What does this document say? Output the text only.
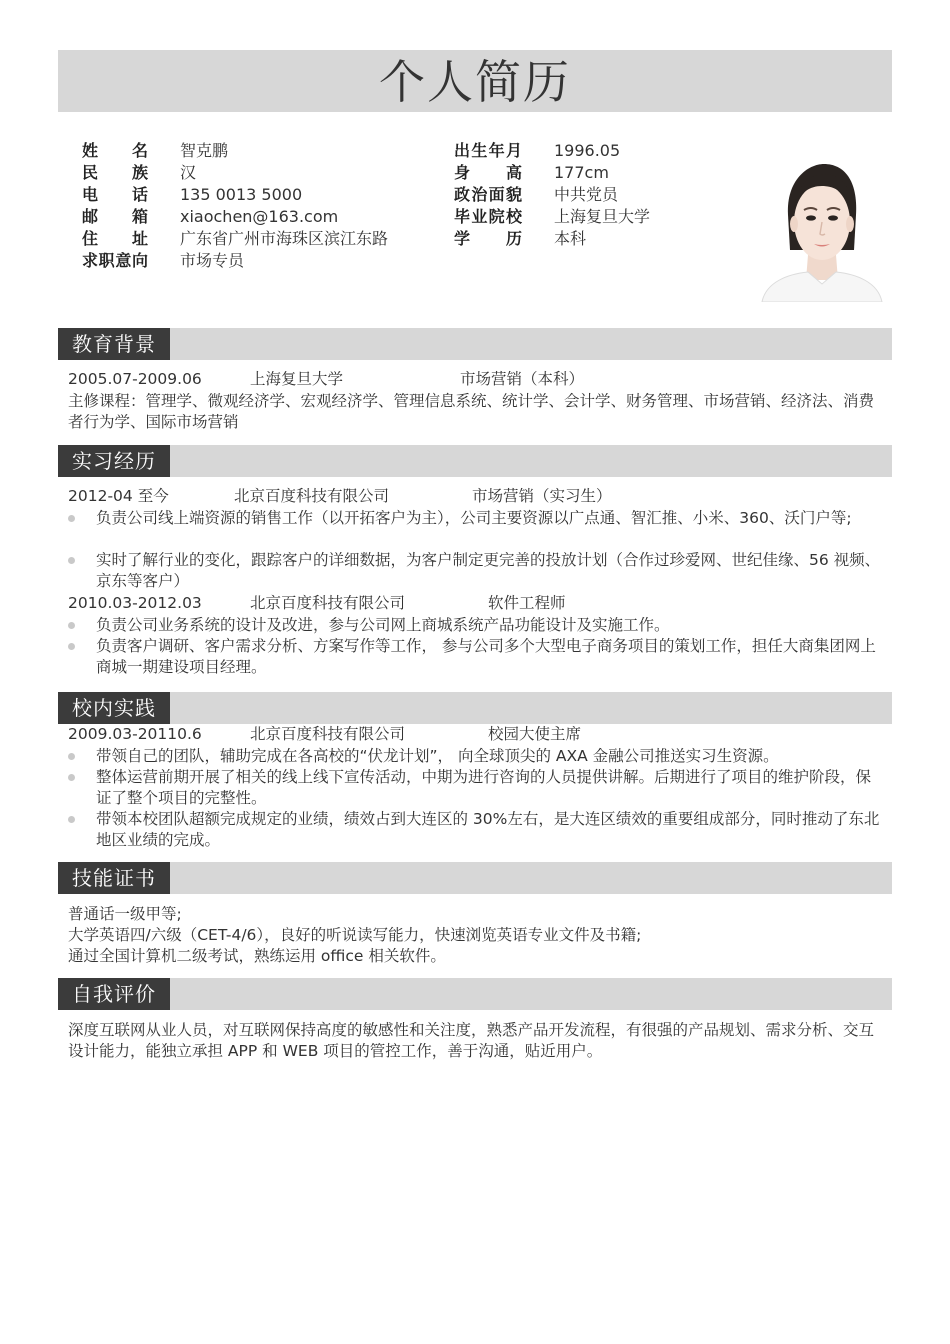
个人简历
姓名 智克鹏	出生年月 1996.05
民族 汉	身高 177cm
电话 135 0013 5000	政治面貌 中共党员
邮箱 xiaochen@163.com	毕业院校 上海复旦大学
住址 广东省广州市海珠区滨江东路	学历 本科
求职意向 市场专员
教育背景
2005.07-2009.06	上海复旦大学	市场营销（本科）
主修课程：管理学、微观经济学、宏观经济学、管理信息系统、统计学、会计学、财务管理、市场营销、经济法、消费者行为学、国际市场营销
实习经历
2012-04 至今	北京百度科技有限公司	市场营销（实习生）
负责公司线上端资源的销售工作（以开拓客户为主），公司主要资源以广点通、智汇推、小米、360、沃门户等;
实时了解行业的变化，跟踪客户的详细数据，为客户制定更完善的投放计划（合作过珍爱网、世纪佳缘、56 视频、京东等客户）
2010.03-2012.03	北京百度科技有限公司	软件工程师
负责公司业务系统的设计及改进，参与公司网上商城系统产品功能设计及实施工作。
负责客户调研、客户需求分析、方案写作等工作， 参与公司多个大型电子商务项目的策划工作，担任大商集团网上商城一期建设项目经理。
校内实践
2009.03-20110.6	北京百度科技有限公司	校园大使主席
带领自己的团队，辅助完成在各高校的“伏龙计划”， 向全球顶尖的 AXA 金融公司推送实习生资源。
整体运营前期开展了相关的线上线下宣传活动，中期为进行咨询的人员提供讲解。后期进行了项目的维护阶段，保证了整个项目的完整性。
带领本校团队超额完成规定的业绩，绩效占到大连区的 30%左右，是大连区绩效的重要组成部分，同时推动了东北地区业绩的完成。
技能证书
普通话一级甲等;
大学英语四/六级（CET-4/6），良好的听说读写能力，快速浏览英语专业文件及书籍;
通过全国计算机二级考试，熟练运用 office 相关软件。
自我评价
深度互联网从业人员，对互联网保持高度的敏感性和关注度，熟悉产品开发流程，有很强的产品规划、需求分析、交互设计能力，能独立承担 APP 和 WEB 项目的管控工作，善于沟通，贴近用户。
